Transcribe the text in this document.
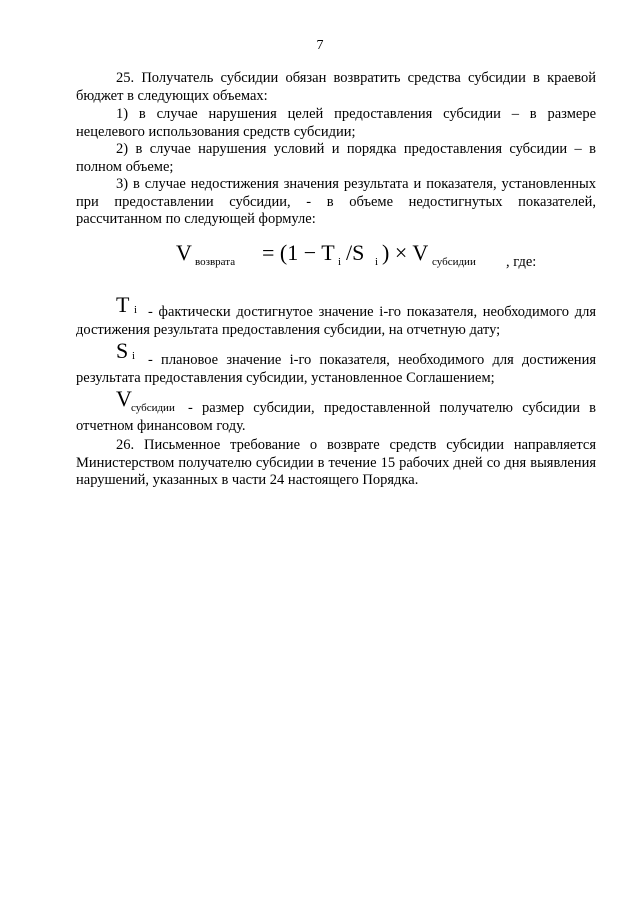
7
25. Получатель субсидии обязан возвратить средства субсидии в краевой бюджет в следующих объемах:
1) в случае нарушения целей предоставления субсидии – в размере нецелевого использования средств субсидии;
2) в случае нарушения условий и порядка предоставления субсидии – в полном объеме;
3) в случае недостижения значения результата и показателя, установленных при предоставлении субсидии, - в объеме недостигнутых показателей, рассчитанном по следующей формуле:
V возврата = (1 − T i /S i ) × V субсидии , где:
T i - фактически достигнутое значение i-го показателя, необходимого для достижения результата предоставления субсидии, на отчетную дату;
S i - плановое значение i-го показателя, необходимого для достижения результата предоставления субсидии, установленное Соглашением;
V субсидии - размер субсидии, предоставленной получателю субсидии в отчетном финансовом году.
26. Письменное требование о возврате средств субсидии направляется Министерством получателю субсидии в течение 15 рабочих дней со дня выявления нарушений, указанных в части 24 настоящего Порядка.
